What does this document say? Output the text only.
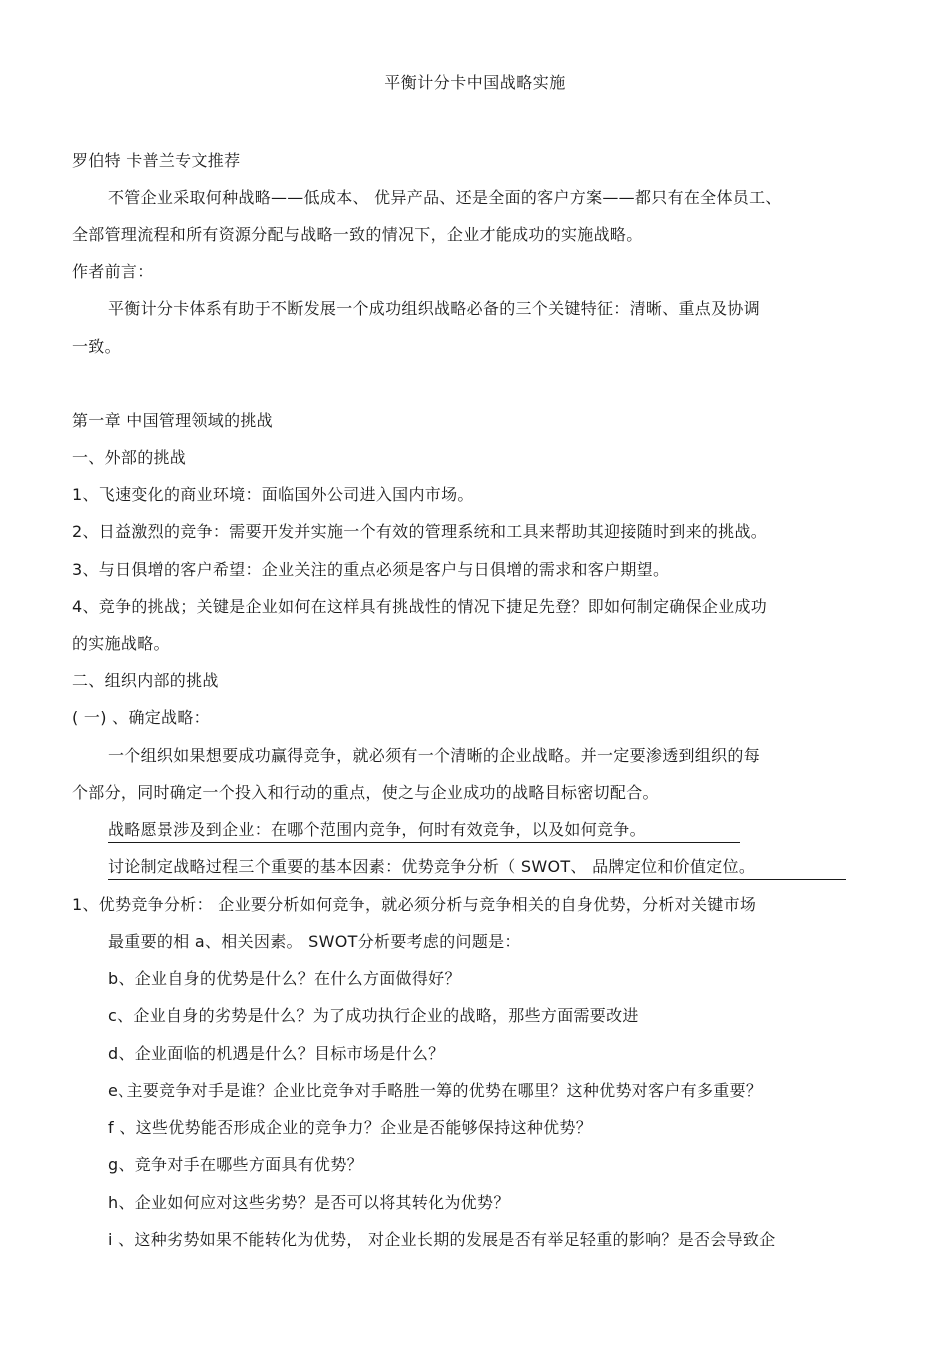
平衡计分卡中国战略实施
罗伯特 卡普兰专文推荐
不管企业采取何种战略——低成本、 优异产品、还是全面的客户方案——都只有在全体员工、
全部管理流程和所有资源分配与战略一致的情况下，企业才能成功的实施战略。
作者前言：
平衡计分卡体系有助于不断发展一个成功组织战略必备的三个关键特征：清晰、重点及协调
一致。
第一章 中国管理领域的挑战
一、外部的挑战
1、飞速变化的商业环境：面临国外公司进入国内市场。
2、日益激烈的竞争：需要开发并实施一个有效的管理系统和工具来帮助其迎接随时到来的挑战。
3、与日俱增的客户希望：企业关注的重点必须是客户与日俱增的需求和客户期望。
4、竞争的挑战；关键是企业如何在这样具有挑战性的情况下捷足先登？即如何制定确保企业成功
的实施战略。
二、组织内部的挑战
( 一) 、确定战略：
一个组织如果想要成功赢得竞争，就必须有一个清晰的企业战略。并一定要渗透到组织的每
个部分，同时确定一个投入和行动的重点，使之与企业成功的战略目标密切配合。
战略愿景涉及到企业：在哪个范围内竞争，何时有效竞争，以及如何竞争。
讨论制定战略过程三个重要的基本因素：优势竞争分析（ SWOT、 品牌定位和价值定位。
1、优势竞争分析： 企业要分析如何竞争，就必须分析与竞争相关的自身优势，分析对关键市场
最重要的相 a、相关因素。 SWOT分析要考虑的问题是：
b、企业自身的优势是什么？在什么方面做得好？
c、企业自身的劣势是什么？为了成功执行企业的战略，那些方面需要改进
d、企业面临的机遇是什么？目标市场是什么？
e､主要竞争对手是谁？企业比竞争对手略胜一筹的优势在哪里？这种优势对客户有多重要？
f 、这些优势能否形成企业的竞争力？企业是否能够保持这种优势？
g、竞争对手在哪些方面具有优势？
h、企业如何应对这些劣势？是否可以将其转化为优势？
i 、这种劣势如果不能转化为优势， 对企业长期的发展是否有举足轻重的影响？是否会导致企
